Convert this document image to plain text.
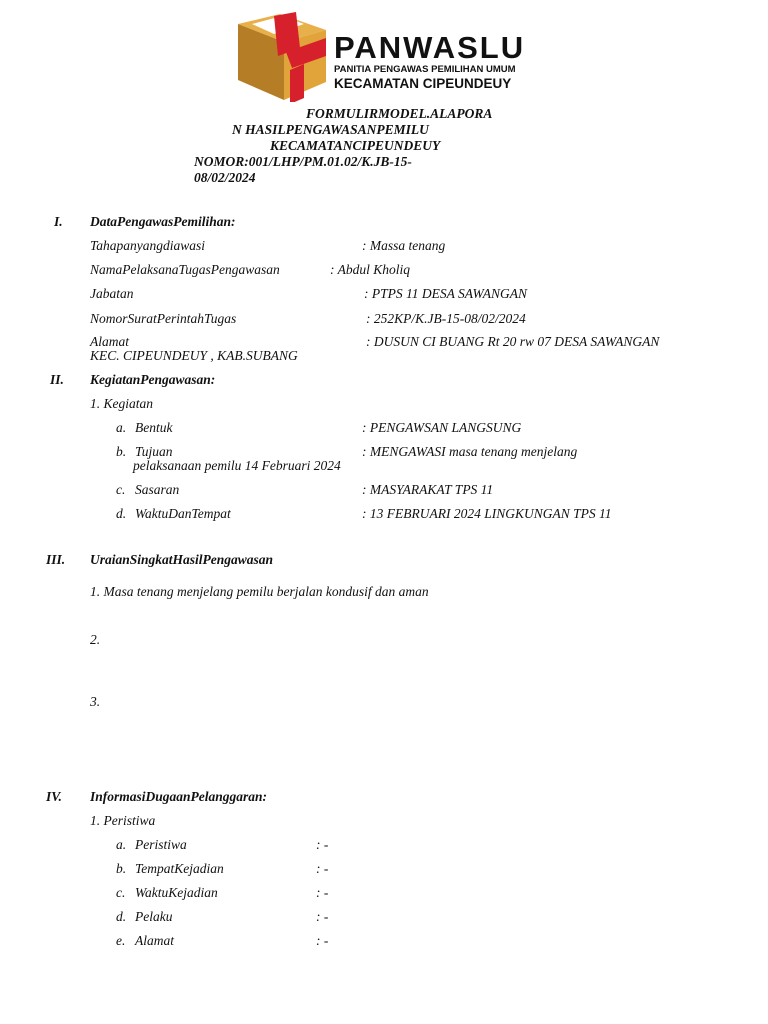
PANWASLU
PANITIA PENGAWAS PEMILIHAN UMUM
KECAMATAN CIPEUNDEUY
FORMULIRMODEL.ALAPORA
N HASILPENGAWASANPEMILU
KECAMATANCIPEUNDEUY
NOMOR:001/LHP/PM.01.02/K.JB-15-
08/02/2024
I. DataPengawasPemilihan:
Tahapanyangdiawasi	: Massa tenang
NamaPelaksanaTugasPengawasan	: Abdul Kholiq
Jabatan	: PTPS 11 DESA SAWANGAN
NomorSuratPerintahTugas	: 252KP/K.JB-15-08/02/2024
Alamat	: DUSUN CI BUANG Rt 20 rw 07 DESA SAWANGAN
KEC. CIPEUNDEUY , KAB.SUBANG
II. KegiatanPengawasan:
1. Kegiatan
a. Bentuk	: PENGAWSAN LANGSUNG
b. Tujuan	: MENGAWASI masa tenang menjelang
pelaksanaan pemilu 14 Februari 2024
c. Sasaran	: MASYARAKAT TPS 11
d. WaktuDanTempat	: 13 FEBRUARI 2024 LINGKUNGAN TPS 11
III. UraianSingkatHasilPengawasan
1. Masa tenang menjelang pemilu berjalan kondusif dan aman
2.
3.
IV. InformasiDugaanPelanggaran:
1. Peristiwa
a. Peristiwa	: -
b. TempatKejadian	: -
c. WaktuKejadian	: -
d. Pelaku	: -
e. Alamat	: -
